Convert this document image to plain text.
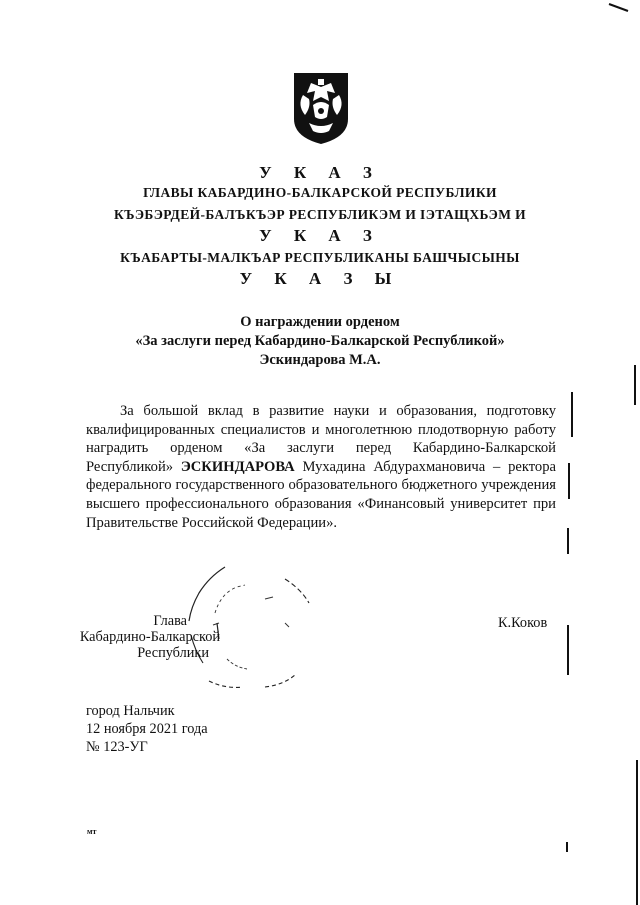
У К А З
ГЛАВЫ КАБАРДИНО-БАЛКАРСКОЙ РЕСПУБЛИКИ
КЪЭБЭРДЕЙ-БАЛЪКЪЭР РЕСПУБЛИКЭМ И ІЭТАЩХЬЭМ И
У К А З
КЪАБАРТЫ-МАЛКЪАР РЕСПУБЛИКАНЫ БАШЧЫСЫНЫ
У К А З Ы
О награждении орденом
«За заслуги перед Кабардино-Балкарской Республикой»
Эскиндарова М.А.

За большой вклад в развитие науки и образования, подготовку квалифицированных специалистов и многолетнюю плодотворную работу наградить орденом «За заслуги перед Кабардино-Балкарской Республикой» ЭСКИНДАРОВА Мухадина Абдурахмановича – ректора федерального государственного образовательного бюджетного учреждения высшего профессионального образования «Финансовый университет при Правительстве Российской Федерации».

Глава
Кабардино-Балкарской
Республики
К.Коков
город Нальчик
12 ноября 2021 года
№ 123-УГ
мт
